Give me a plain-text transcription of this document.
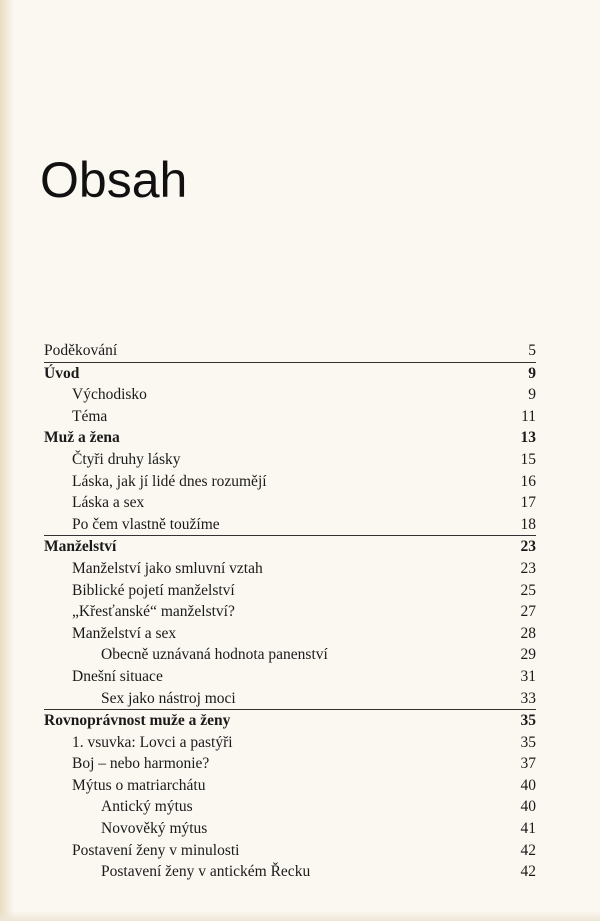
Obsah
Poděkování	5
Úvod	9
Východisko	9
Téma	11
Muž a žena	13
Čtyři druhy lásky	15
Láska, jak jí lidé dnes rozumějí	16
Láska a sex	17
Po čem vlastně toužíme	18
Manželství	23
Manželství jako smluvní vztah	23
Biblické pojetí manželství	25
„Křesťanské“ manželství?	27
Manželství a sex	28
Obecně uznávaná hodnota panenství	29
Dnešní situace	31
Sex jako nástroj moci	33
Rovnoprávnost muže a ženy	35
1. vsuvka: Lovci a pastýři	35
Boj – nebo harmonie?	37
Mýtus o matriarchátu	40
Antický mýtus	40
Novověký mýtus	41
Postavení ženy v minulosti	42
Postavení ženy v antickém Řecku	42
